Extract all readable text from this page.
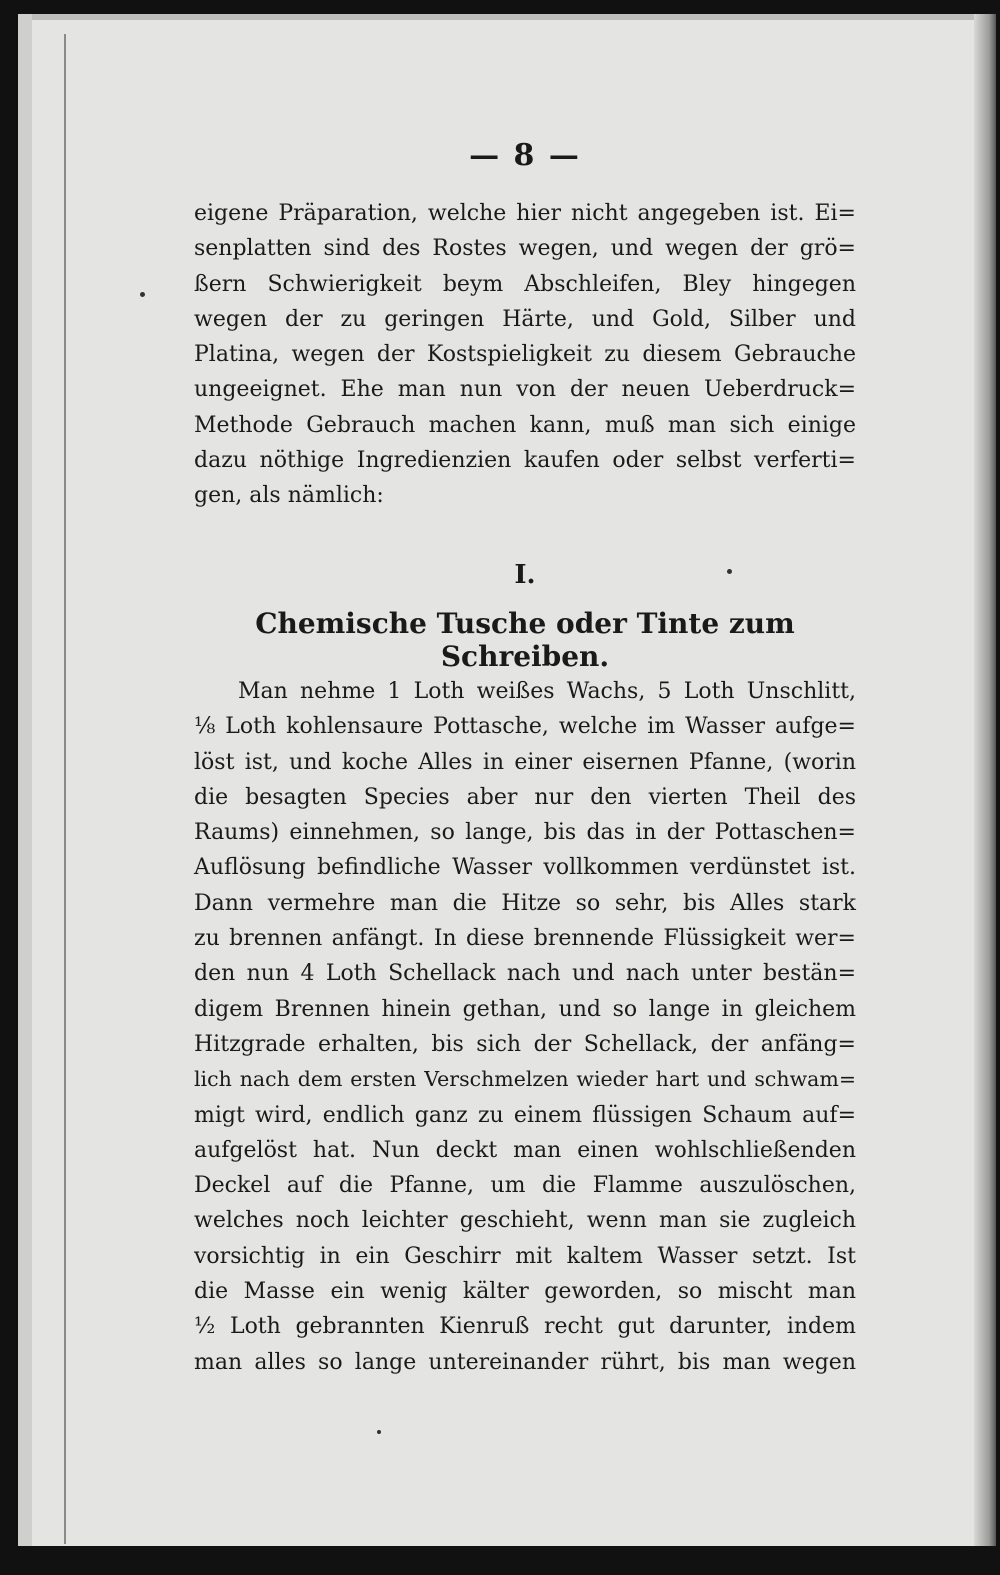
— 8 —
eigene Präparation, welche hier nicht angegeben ist. Ei=
senplatten sind des Rostes wegen, und wegen der grö=
ßern Schwierigkeit beym Abschleifen, Bley hingegen
wegen der zu geringen Härte, und Gold, Silber und
Platina, wegen der Kostspieligkeit zu diesem Gebrauche
ungeeignet. Ehe man nun von der neuen Ueberdruck=
Methode Gebrauch machen kann, muß man sich einige
dazu nöthige Ingredienzien kaufen oder selbst verferti=
gen, als nämlich:
I.
Chemische Tusche oder Tinte zum Schreiben.
Man nehme 1 Loth weißes Wachs, 5 Loth Unschlitt,
⅛ Loth kohlensaure Pottasche, welche im Wasser aufge=
löst ist, und koche Alles in einer eisernen Pfanne, (worin
die besagten Species aber nur den vierten Theil des
Raums) einnehmen, so lange, bis das in der Pottaschen=
Auflösung befindliche Wasser vollkommen verdünstet ist.
Dann vermehre man die Hitze so sehr, bis Alles stark
zu brennen anfängt. In diese brennende Flüssigkeit wer=
den nun 4 Loth Schellack nach und nach unter bestän=
digem Brennen hinein gethan, und so lange in gleichem
Hitzgrade erhalten, bis sich der Schellack, der anfäng=
lich nach dem ersten Verschmelzen wieder hart und schwam=
migt wird, endlich ganz zu einem flüssigen Schaum auf=
aufgelöst hat. Nun deckt man einen wohlschließenden
Deckel auf die Pfanne, um die Flamme auszulöschen,
welches noch leichter geschieht, wenn man sie zugleich
vorsichtig in ein Geschirr mit kaltem Wasser setzt. Ist
die Masse ein wenig kälter geworden, so mischt man
½ Loth gebrannten Kienruß recht gut darunter, indem
man alles so lange untereinander rührt, bis man wegen
